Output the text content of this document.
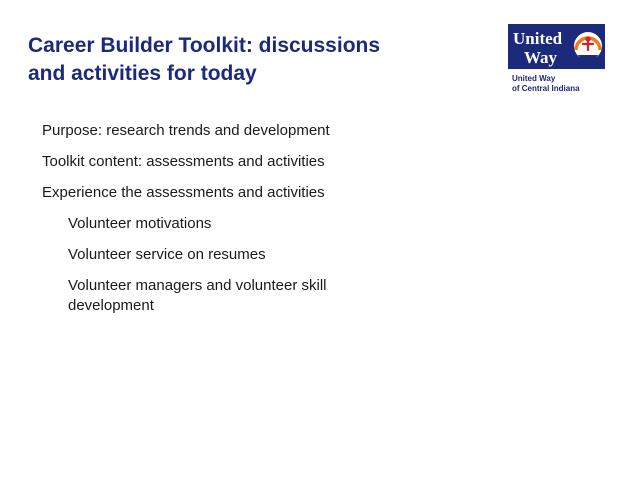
Career Builder Toolkit: discussions
and activities for today
United
Way
United Way
of Central Indiana
Purpose: research trends and development
Toolkit content: assessments and activities
Experience the assessments and activities
Volunteer motivations
Volunteer service on resumes
Volunteer managers and volunteer skill development
